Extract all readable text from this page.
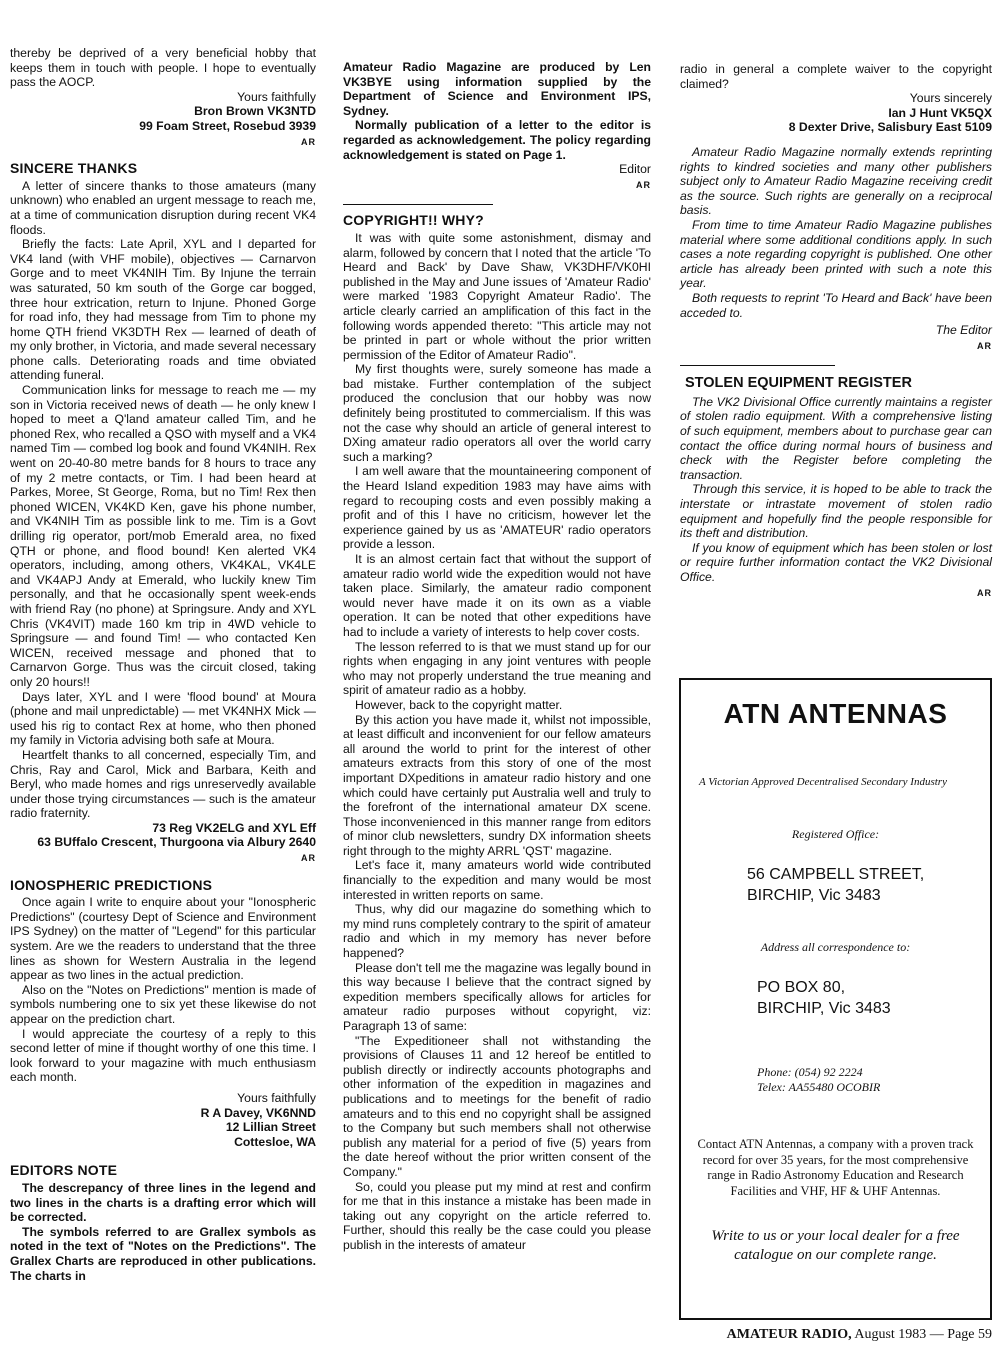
thereby be deprived of a very beneficial hobby that keeps them in touch with people. I hope to eventually pass the AOCP.

Yours faithfully
Bron Brown VK3NTD
99 Foam Street, Rosebud 3939
AR
SINCERE THANKS

A letter of sincere thanks to those amateurs (many unknown) who enabled an urgent message to reach me, at a time of communication disruption during recent VK4 floods.

Briefly the facts: Late April, XYL and I departed for VK4 land (with VHF mobile), objectives — Carnarvon Gorge and to meet VK4NIH Tim. By Injune the terrain was saturated, 50 km south of the Gorge car bogged, three hour extrication, return to Injune. Phoned Gorge for road info, they had message from Tim to phone my home QTH friend VK3DTH Rex — learned of death of my only brother, in Victoria, and made several necessary phone calls. Deteriorating roads and time obviated attending funeral.

Communication links for message to reach me — my son in Victoria received news of death — he only knew I hoped to meet a Q'land amateur called Tim, and he phoned Rex, who recalled a QSO with myself and a VK4 named Tim — combed log book and found VK4NIH. Rex went on 20-40-80 metre bands for 8 hours to trace any of my 2 metre contacts, or Tim. I had been heard at Parkes, Moree, St George, Roma, but no Tim! Rex then phoned WICEN, VK4KD Ken, gave his phone number, and VK4NIH Tim as possible link to me. Tim is a Govt drilling rig operator, port/mob Emerald area, no fixed QTH or phone, and flood bound! Ken alerted VK4 operators, including, among others, VK4KAL, VK4LE and VK4APJ Andy at Emerald, who luckily knew Tim personally, and that he occasionally spent week-ends with friend Ray (no phone) at Springsure. Andy and XYL Chris (VK4VIT) made 160 km trip in 4WD vehicle to Springsure — and found Tim! — who contacted Ken WICEN, received message and phoned that to Carnarvon Gorge. Thus was the circuit closed, taking only 20 hours!!

Days later, XYL and I were 'flood bound' at Moura (phone and mail unpredictable) — met VK4NHX Mick — used his rig to contact Rex at home, who then phoned my family in Victoria advising both safe at Moura.

Heartfelt thanks to all concerned, especially Tim, and Chris, Ray and Carol, Mick and Barbara, Keith and Beryl, who made homes and rigs unreservedly available under those trying circumstances — such is the amateur radio fraternity.

73 Reg VK2ELG and XYL Eff
63 BUffalo Crescent, Thurgoona via Albury 2640
AR
IONOSPHERIC PREDICTIONS

Once again I write to enquire about your "Ionospheric Predictions" (courtesy Dept of Science and Environment IPS Sydney) on the matter of "Legend" for this particular system. Are we the readers to understand that the three lines as shown for Western Australia in the legend appear as two lines in the actual prediction.

Also on the "Notes on Predictions" mention is made of symbols numbering one to six yet these likewise do not appear on the prediction chart.

I would appreciate the courtesy of a reply to this second letter of mine if thought worthy of one this time. I look forward to your magazine with much enthusiasm each month.

Yours faithfully
R A Davey, VK6NND
12 Lillian Street
Cottesloe, WA
EDITORS NOTE

The descrepancy of three lines in the legend and two lines in the charts is a drafting error which will be corrected.

The symbols referred to are Grallex symbols as noted in the text of "Notes on the Predictions". The Grallex Charts are reproduced in other publications. The charts in

Amateur Radio Magazine are produced by Len VK3BYE using information supplied by the Department of Science and Environment IPS, Sydney.

Normally publication of a letter to the editor is regarded as acknowledgement. The policy regarding acknowledgement is stated on Page 1.

Editor
AR
COPYRIGHT!! WHY?

It was with quite some astonishment, dismay and alarm, followed by concern that I noted that the article 'To Heard and Back' by Dave Shaw, VK3DHF/VK0HI published in the May and June issues of 'Amateur Radio' were marked '1983 Copyright Amateur Radio'. The article clearly carried an amplification of this fact in the following words appended thereto: "This article may not be printed in part or whole without the prior written permission of the Editor of Amateur Radio".

My first thoughts were, surely someone has made a bad mistake. Further contemplation of the subject produced the conclusion that our hobby was now definitely being prostituted to commercialism. If this was not the case why should an article of general interest to DXing amateur radio operators all over the world carry such a marking?

I am well aware that the mountaineering component of the Heard Island expedition 1983 may have aims with regard to recouping costs and even possibly making a profit and of this I have no criticism, however let the experience gained by us as 'AMATEUR' radio operators provide a lesson.

It is an almost certain fact that without the support of amateur radio world wide the expedition would not have taken place. Similarly, the amateur radio component would never have made it on its own as a viable operation. It can be noted that other expeditions have had to include a variety of interests to help cover costs.

The lesson referred to is that we must stand up for our rights when engaging in any joint ventures with people who may not properly understand the true meaning and spirit of amateur radio as a hobby.

However, back to the copyright matter.

By this action you have made it, whilst not impossible, at least difficult and inconvenient for our fellow amateurs all around the world to print for the interest of other amateurs extracts from this story of one of the most important DXpeditions in amateur radio history and one which could have certainly put Australia well and truly to the forefront of the international amateur DX scene. Those inconvenienced in this manner range from editors of minor club newsletters, sundry DX information sheets right through to the mighty ARRL 'QST' magazine.

Let's face it, many amateurs world wide contributed financially to the expedition and many would be most interested in written reports on same.

Thus, why did our magazine do something which to my mind runs completely contrary to the spirit of amateur radio and which in my memory has never before happened?

Please don't tell me the magazine was legally bound in this way because I believe that the contract signed by expedition members specifically allows for articles for amateur radio purposes without copyright, viz: Paragraph 13 of same:

"The Expeditioneer shall not withstanding the provisions of Clauses 11 and 12 hereof be entitled to publish directly or indirectly accounts photographs and other information of the expedition in magazines and publications and to meetings for the benefit of radio amateurs and to this end no copyright shall be assigned to the Company but such members shall not otherwise publish any material for a period of five (5) years from the date hereof without the prior written consent of the Company."

So, could you please put my mind at rest and confirm for me that in this instance a mistake has been made in taking out any copyright on the article referred to. Further, should this really be the case could you please publish in the interests of amateur

radio in general a complete waiver to the copyright claimed?

Yours sincerely
Ian J Hunt VK5QX
8 Dexter Drive, Salisbury East 5109

Amateur Radio Magazine normally extends reprinting rights to kindred societies and many other publishers subject only to Amateur Radio Magazine receiving credit as the source. Such rights are generally on a reciprocal basis.

From time to time Amateur Radio Magazine publishes material where some additional conditions apply. In such cases a note regarding copyright is published. One other article has already been printed with such a note this year.

Both requests to reprint 'To Heard and Back' have been acceded to.

The Editor
AR
STOLEN EQUIPMENT REGISTER

The VK2 Divisional Office currently maintains a register of stolen radio equipment. With a comprehensive listing of such equipment, members about to purchase gear can contact the office during normal hours of business and check with the Register before completing the transaction.

Through this service, it is hoped to be able to track the interstate or intrastate movement of stolen radio equipment and hopefully find the people responsible for its theft and distribution.

If you know of equipment which has been stolen or lost or require further information contact the VK2 Divisional Office.

AR
ATN ANTENNAS
A Victorian Approved Decentralised Secondary Industry
Registered Office:
56 CAMPBELL STREET,
BIRCHIP, Vic 3483
Address all correspondence to:
PO BOX 80,
BIRCHIP, Vic 3483
Phone: (054) 92 2224
Telex: AA55480 OCOBIR
Contact ATN Antennas, a company with a proven track record for over 35 years, for the most comprehensive range in Radio Astronomy Education and Research Facilities and VHF, HF & UHF Antennas.
Write to us or your local dealer for a free catalogue on our complete range.
AMATEUR RADIO, August 1983 — Page 59
